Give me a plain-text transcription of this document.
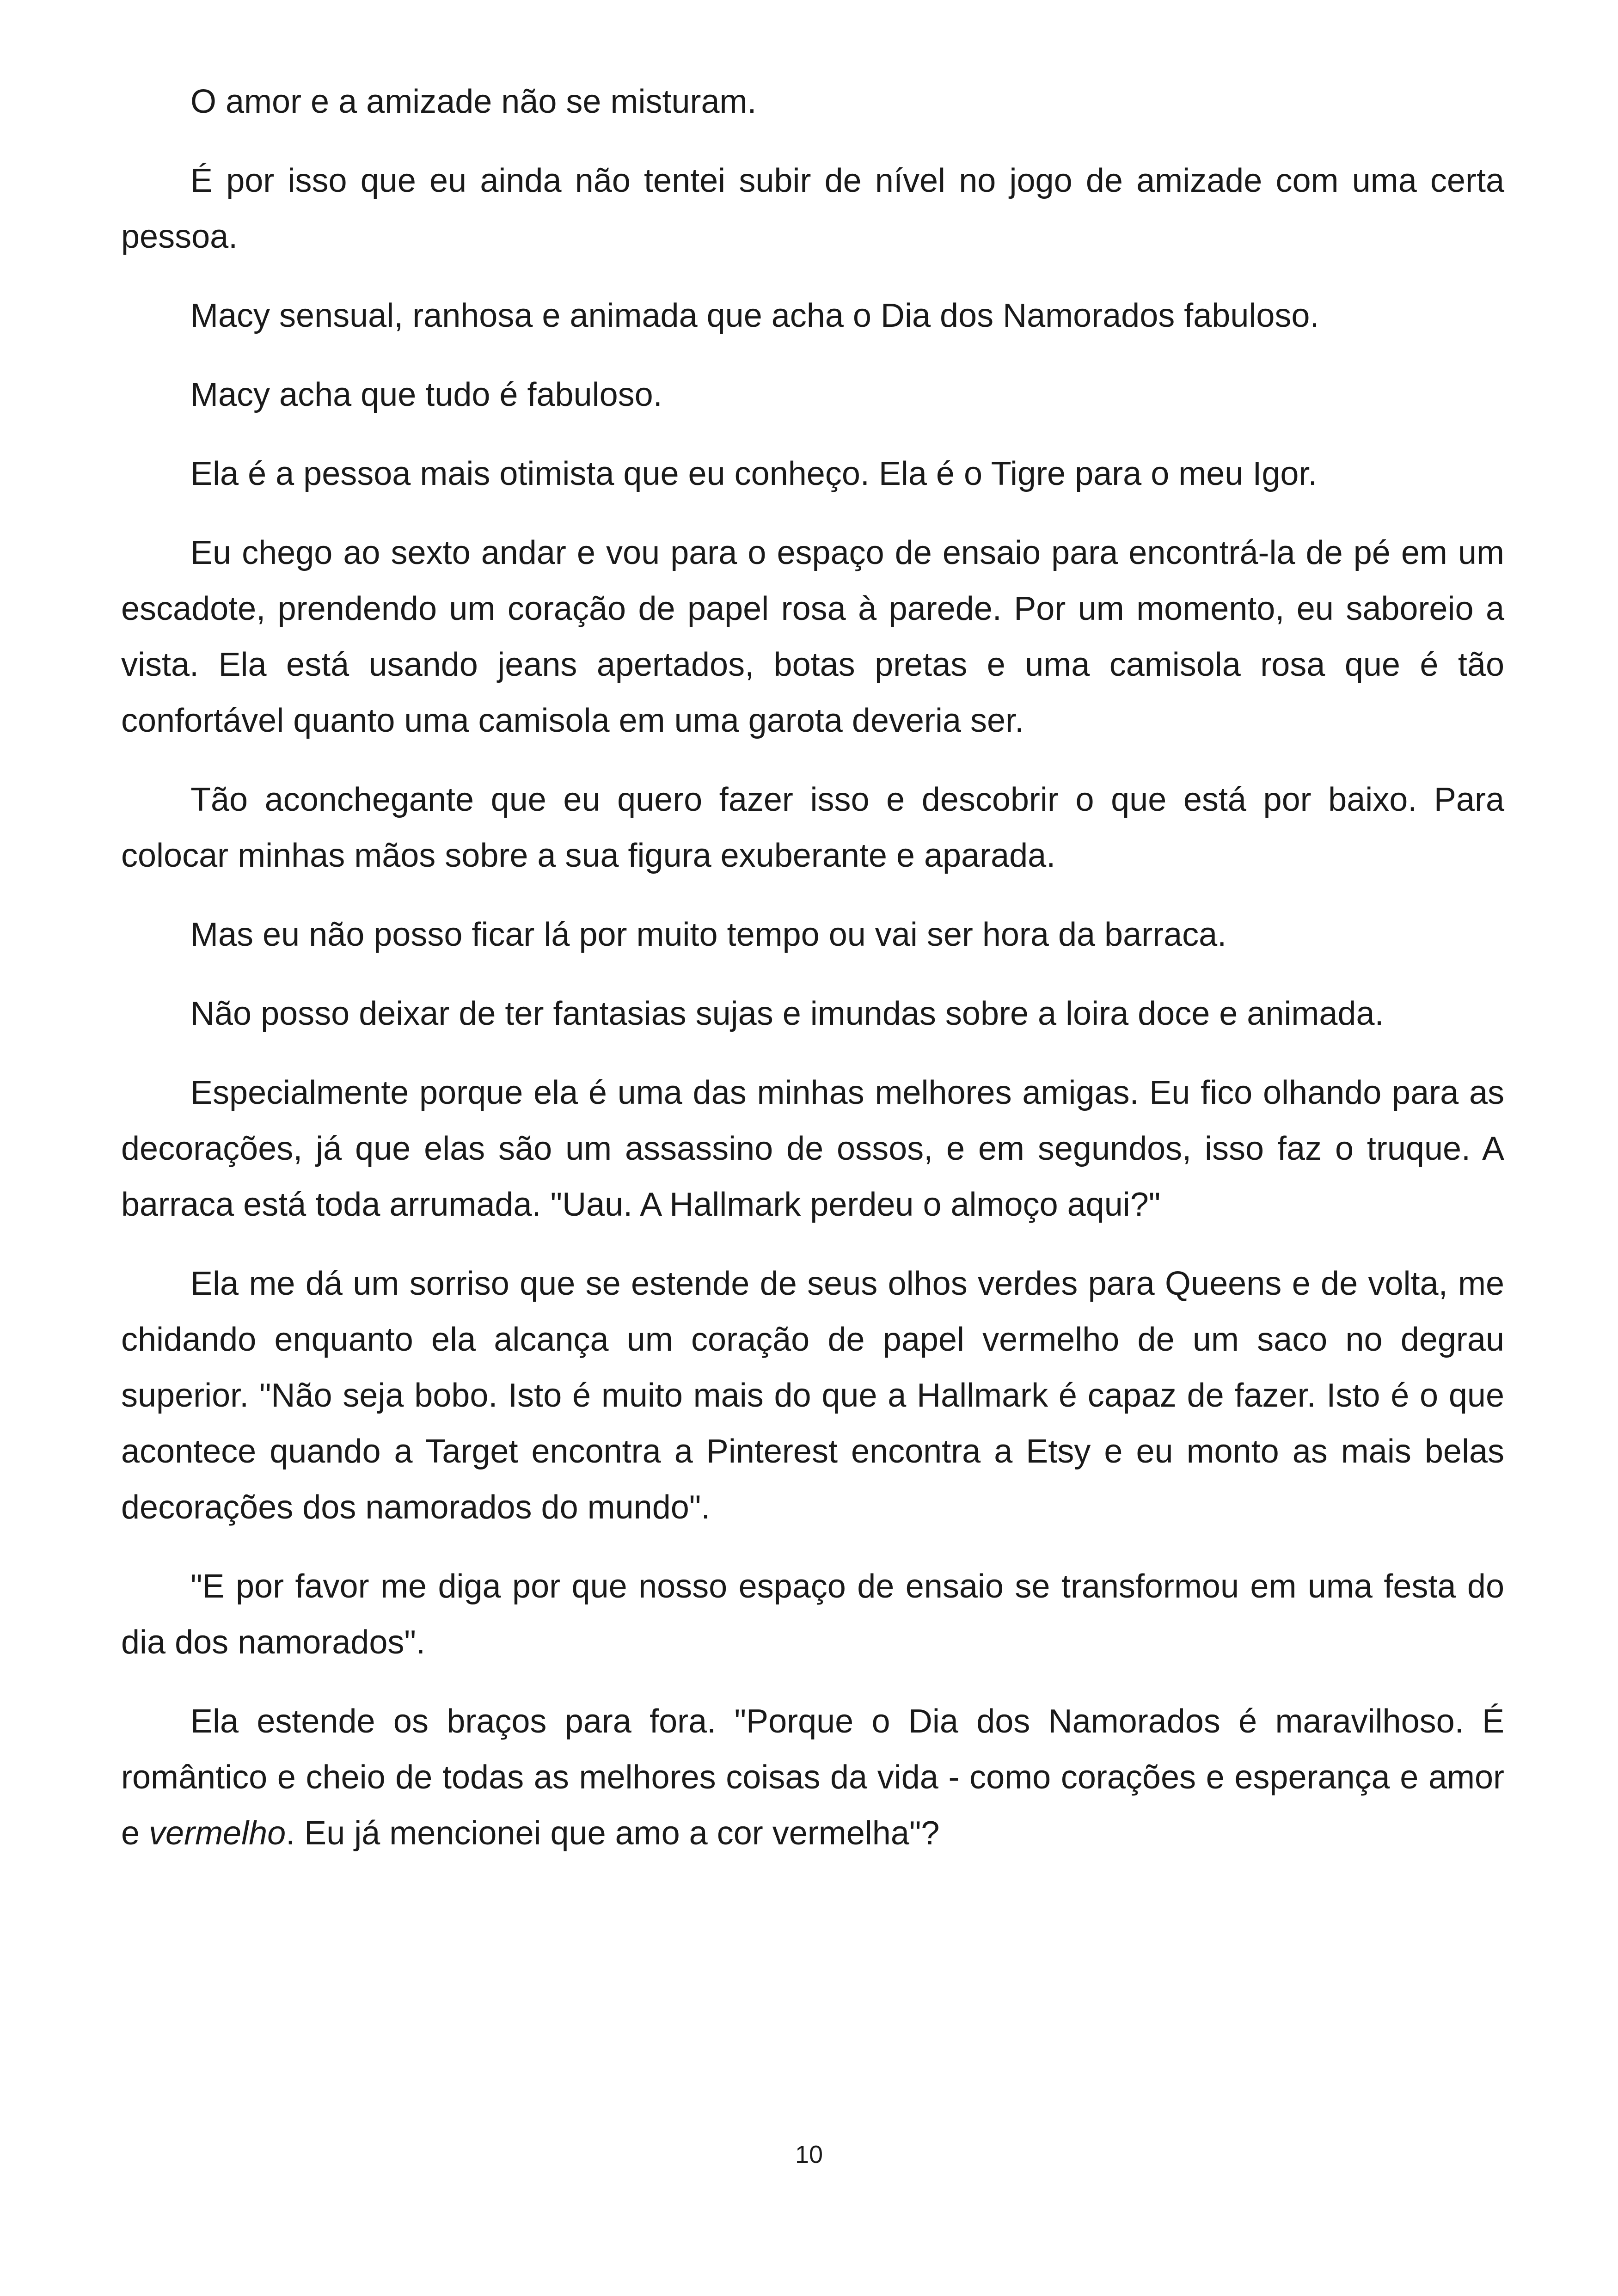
O amor e a amizade não se misturam.

É por isso que eu ainda não tentei subir de nível no jogo de amizade com uma certa pessoa.

Macy sensual, ranhosa e animada que acha o Dia dos Namorados fabuloso.

Macy acha que tudo é fabuloso.

Ela é a pessoa mais otimista que eu conheço. Ela é o Tigre para o meu Igor.

Eu chego ao sexto andar e vou para o espaço de ensaio para encontrá-la de pé em um escadote, prendendo um coração de papel rosa à parede. Por um momento, eu saboreio a vista. Ela está usando jeans apertados, botas pretas e uma camisola rosa que é tão confortável quanto uma camisola em uma garota deveria ser.

Tão aconchegante que eu quero fazer isso e descobrir o que está por baixo. Para colocar minhas mãos sobre a sua figura exuberante e aparada.

Mas eu não posso ficar lá por muito tempo ou vai ser hora da barraca.

Não posso deixar de ter fantasias sujas e imundas sobre a loira doce e animada.

Especialmente porque ela é uma das minhas melhores amigas. Eu fico olhando para as decorações, já que elas são um assassino de ossos, e em segundos, isso faz o truque. A barraca está toda arrumada. "Uau. A Hallmark perdeu o almoço aqui?"

Ela me dá um sorriso que se estende de seus olhos verdes para Queens e de volta, me chidando enquanto ela alcança um coração de papel vermelho de um saco no degrau superior. "Não seja bobo. Isto é muito mais do que a Hallmark é capaz de fazer. Isto é o que acontece quando a Target encontra a Pinterest encontra a Etsy e eu monto as mais belas decorações dos namorados do mundo".

"E por favor me diga por que nosso espaço de ensaio se transformou em uma festa do dia dos namorados".

Ela estende os braços para fora. "Porque o Dia dos Namorados é maravilhoso. É romântico e cheio de todas as melhores coisas da vida - como corações e esperança e amor e vermelho. Eu já mencionei que amo a cor vermelha"?

10
